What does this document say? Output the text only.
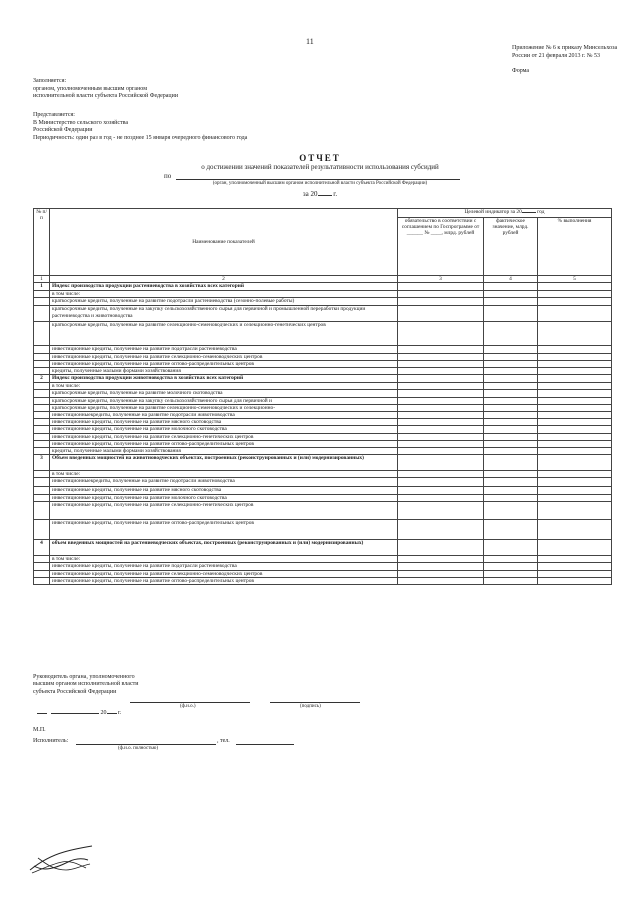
11
Приложение № 6 к приказу Минсельхоза
России от 21 февраля 2013 г. № 53
Форма
Заполняется:
органом, уполномоченным высшим органом
исполнительной власти субъекта Российской Федерации
Представляется:
В Министерство сельского хозяйства
Российской Федерации
Периодичность: один раз в год - не позднее 15 января очередного финансового года
ОТЧЕТ
о достижении значений показателей результативности использования субсидий
по
(орган, уполномоченный высшим органом исполнительной власти субъекта Российской Федерации)
за 20 г.
№ п/п	Наименование показателей	Целевой индикатор за 20 год		
		обязательство в соответствии с соглашением по Госпрограмме от ______ № ____, млрд. рублей	фактическое значение, млрд. рублей	% выполнения
1	2	3	4	5
1	Индекс производства продукции растениеводства в хозяйствах всех категорий			
	в том числе:			
	краткосрочные кредиты, полученные на развитие подотрасли растениеводства (сезонно-полевые работы)			
	краткосрочные кредиты, полученные на закупку сельскохозяйственного сырья для первичной и промышленной переработки продукции растениеводства и животноводства			
	краткосрочные кредиты, полученные на развитие селекционно-семеноводческих и селекционно-генетических центров			
	инвестиционные кредиты, полученные на развитие подотрасли растениеводства			
	инвестиционные кредиты, полученные на развитие селекционно-семеноводческих центров			
	инвестиционные кредиты, полученные на развитие оптово-распределительных центров			
	кредиты, полученные малыми формами хозяйствования			
2	Индекс производства продукции животноводства в хозяйствах всех категорий			
	в том числе:			
	краткосрочные кредиты, полученные на развитие молочного скотоводства			
	краткосрочные кредиты, полученные на закупку сельскохозяйственного сырья для первичной и			
	краткосрочные кредиты, полученные на развитие селекционно-семеноводческих и селекционно-			
	инвестиционныекредиты, полученные на развитие подотрасли животноводства			
	инвестиционные кредиты, полученные на развитие мясного скотоводства			
	инвестиционные кредиты, полученные на развитие молочного скотоводства			
	инвестиционные кредиты, полученные на развитие селекционно-генетических центров			
	инвестиционные кредиты, полученные на развитие оптово-распределительных центров			
	кредиты, полученные малыми формами хозяйствования			
3	Объем введенных мощностей на животноводческих объектах, построенных (реконструированных и (или) модернизированных)			
	в том числе:			
	инвестиционныекредиты, полученные на развитие подотрасли животноводства			
	инвестиционные кредиты, полученные на развитие мясного скотоводства			
	инвестиционные кредиты, полученные на развитие молочного скотоводства			
	инвестиционные кредиты, полученные на развитие селекционно-генетических центров			
	инвестиционные кредиты, полученные на развитие оптово-распределительных центров			
4	объем введенных мощностей на растениеводческих объектах, построенных (реконструированных и (или) модернизированных)			
	в том числе:			
	инвестиционные кредиты, полученные на развитие подотрасли растениеводства			
	инвестиционные кредиты, полученные на развитие селекционно-семеноводческих центров			
	инвестиционные кредиты, полученные на развитие оптово-распределительных центров			
Руководитель органа, уполномоченного
высшим органом исполнительной власти
субъекта Российской Федерации
(ф.и.о.)	(подпись)
20 г.
М.П.
Исполнитель:	, тел.
(ф.и.о. полностью)
